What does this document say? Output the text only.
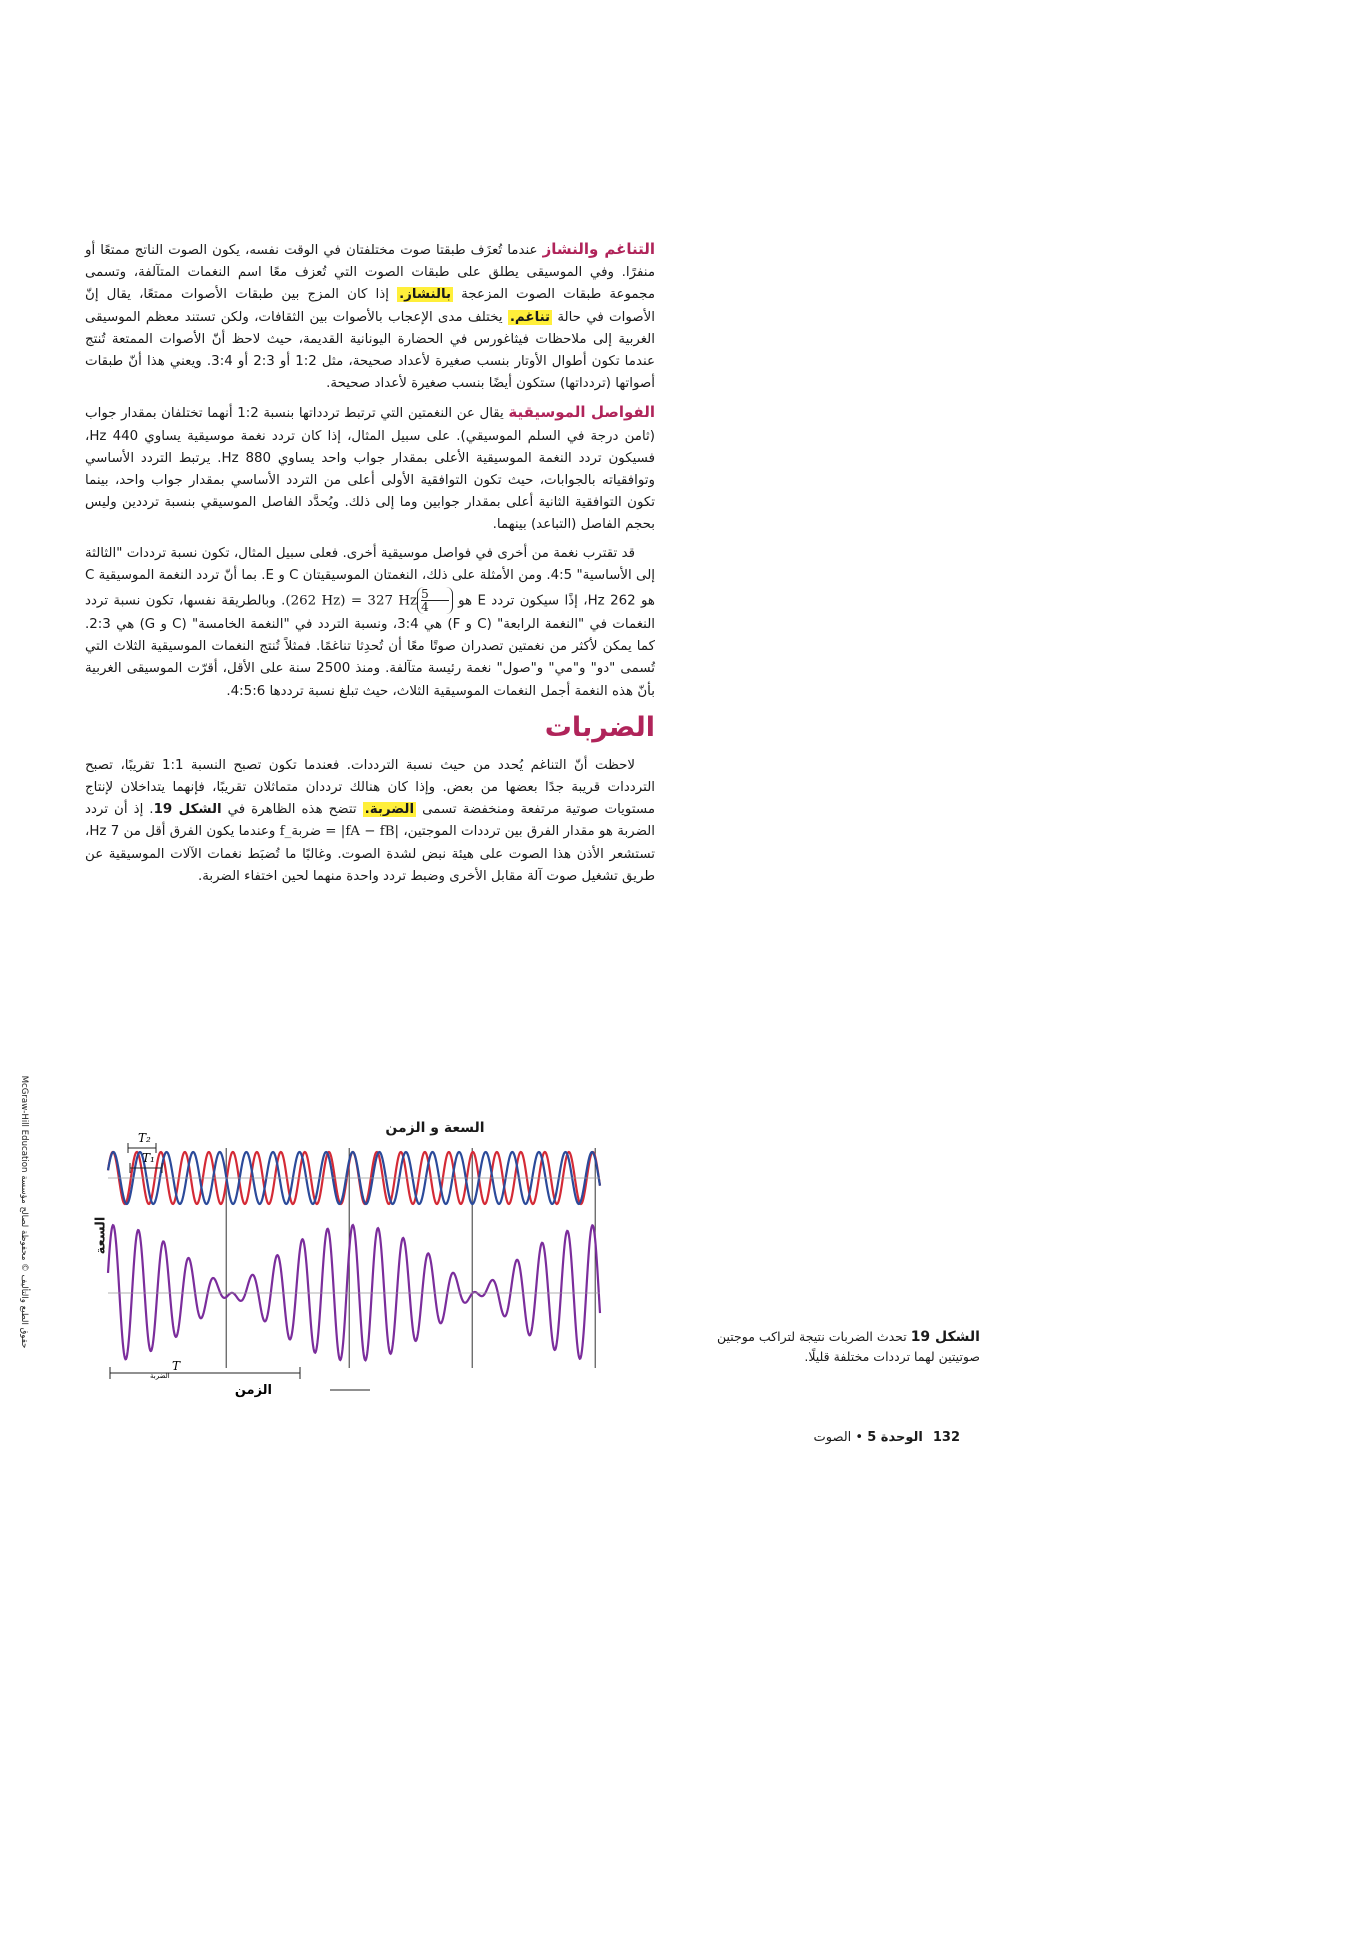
التناغم والنشاز عندما تُعزَف طبقتا صوت مختلفتان في الوقت نفسه، يكون الصوت الناتج ممتعًا أو منفرًا. وفي الموسيقى يطلق على طبقات الصوت التي تُعزف معًا اسم النغمات المتآلفة، وتسمى مجموعة طبقات الصوت المزعجة بالنشاز. إذا كان المزج بين طبقات الأصوات ممتعًا، يقال إنّ الأصوات في حالة تناغم. يختلف مدى الإعجاب بالأصوات بين الثقافات، ولكن تستند معظم الموسيقى الغربية إلى ملاحظات فيثاغورس في الحضارة اليونانية القديمة، حيث لاحظ أنّ الأصوات الممتعة تُنتج عندما تكون أطوال الأوتار بنسب صغيرة لأعداد صحيحة، مثل 1:2 أو 2:3 أو 3:4. ويعني هذا أنّ طبقات أصواتها (تردداتها) ستكون أيضًا بنسب صغيرة لأعداد صحيحة.

الفواصل الموسيقية يقال عن النغمتين التي ترتبط تردداتها بنسبة 1:2 أنهما تختلفان بمقدار جواب (ثامن درجة في السلم الموسيقي). على سبيل المثال، إذا كان تردد نغمة موسيقية يساوي 440 Hz، فسيكون تردد النغمة الموسيقية الأعلى بمقدار جواب واحد يساوي 880 Hz. يرتبط التردد الأساسي وتوافقياته بالجوابات، حيث تكون التوافقية الأولى أعلى من التردد الأساسي بمقدار جواب واحد، بينما تكون التوافقية الثانية أعلى بمقدار جوابين وما إلى ذلك. ويُحدَّد الفاصل الموسيقي بنسبة ترددين وليس بحجم الفاصل (التباعد) بينهما.

قد تقترب نغمة من أخرى في فواصل موسيقية أخرى. فعلى سبيل المثال، تكون نسبة ترددات "الثالثة إلى الأساسية" 4:5. ومن الأمثلة على ذلك، النغمتان الموسيقيتان C و E. بما أنّ تردد النغمة الموسيقية C هو 262 Hz، إذًا سيكون تردد E هو
$\frac{5}{4}$
(262 Hz) = 327 Hz. وبالطريقة نفسها، تكون نسبة تردد النغمات في "النغمة الرابعة" (C و F) هي 3:4، ونسبة التردد في "النغمة الخامسة" (C و G) هي 2:3. كما يمكن لأكثر من نغمتين تصدران صوتًا معًا أن تُحدِثا تناغمًا. فمثلاً تُنتج النغمات الموسيقية الثلاث التي تُسمى "دو" و"مي" و"صول" نغمة رئيسة متآلفة. ومنذ 2500 سنة على الأقل، أقرّت الموسيقى الغربية بأنّ هذه النغمة أجمل النغمات الموسيقية الثلاث، حيث تبلغ نسبة ترددها 4:5:6.

الضربات

لاحظت أنّ التناغم يُحدد من حيث نسبة الترددات. فعندما تكون تصبح النسبة 1:1 تقريبًا، تصبح الترددات قريبة جدًا بعضها من بعض. وإذا كان هنالك ترددان متماثلان تقريبًا، فإنهما يتداخلان لإنتاج مستويات صوتية مرتفعة ومنخفضة تسمى الضربة. تتضح هذه الظاهرة في الشكل 19. إذ أن تردد الضربة هو مقدار الفرق بين ترددات الموجتين، f_ضربة = |fA − fB| وعندما يكون الفرق أقل من 7 Hz، تستشعر الأذن هذا الصوت على هيئة نبض لشدة الصوت. وغالبًا ما تُضبَط نغمات الآلات الموسيقية عن طريق تشغيل صوت آلة مقابل الأخرى وضبط تردد واحدة منهما لحين اختفاء الضربة.

السعة و الزمن
T₂
T₁
T
الضربة
الزمن
السعة
الشكل 19 تحدث الضربات نتيجة لتراكب موجتين صوتيتين لهما ترددات مختلفة قليلًا.
132الوحدة 5 • الصوت
حقوق الطبع والتأليف © محفوظة لصالح مؤسسة McGraw-Hill Education
